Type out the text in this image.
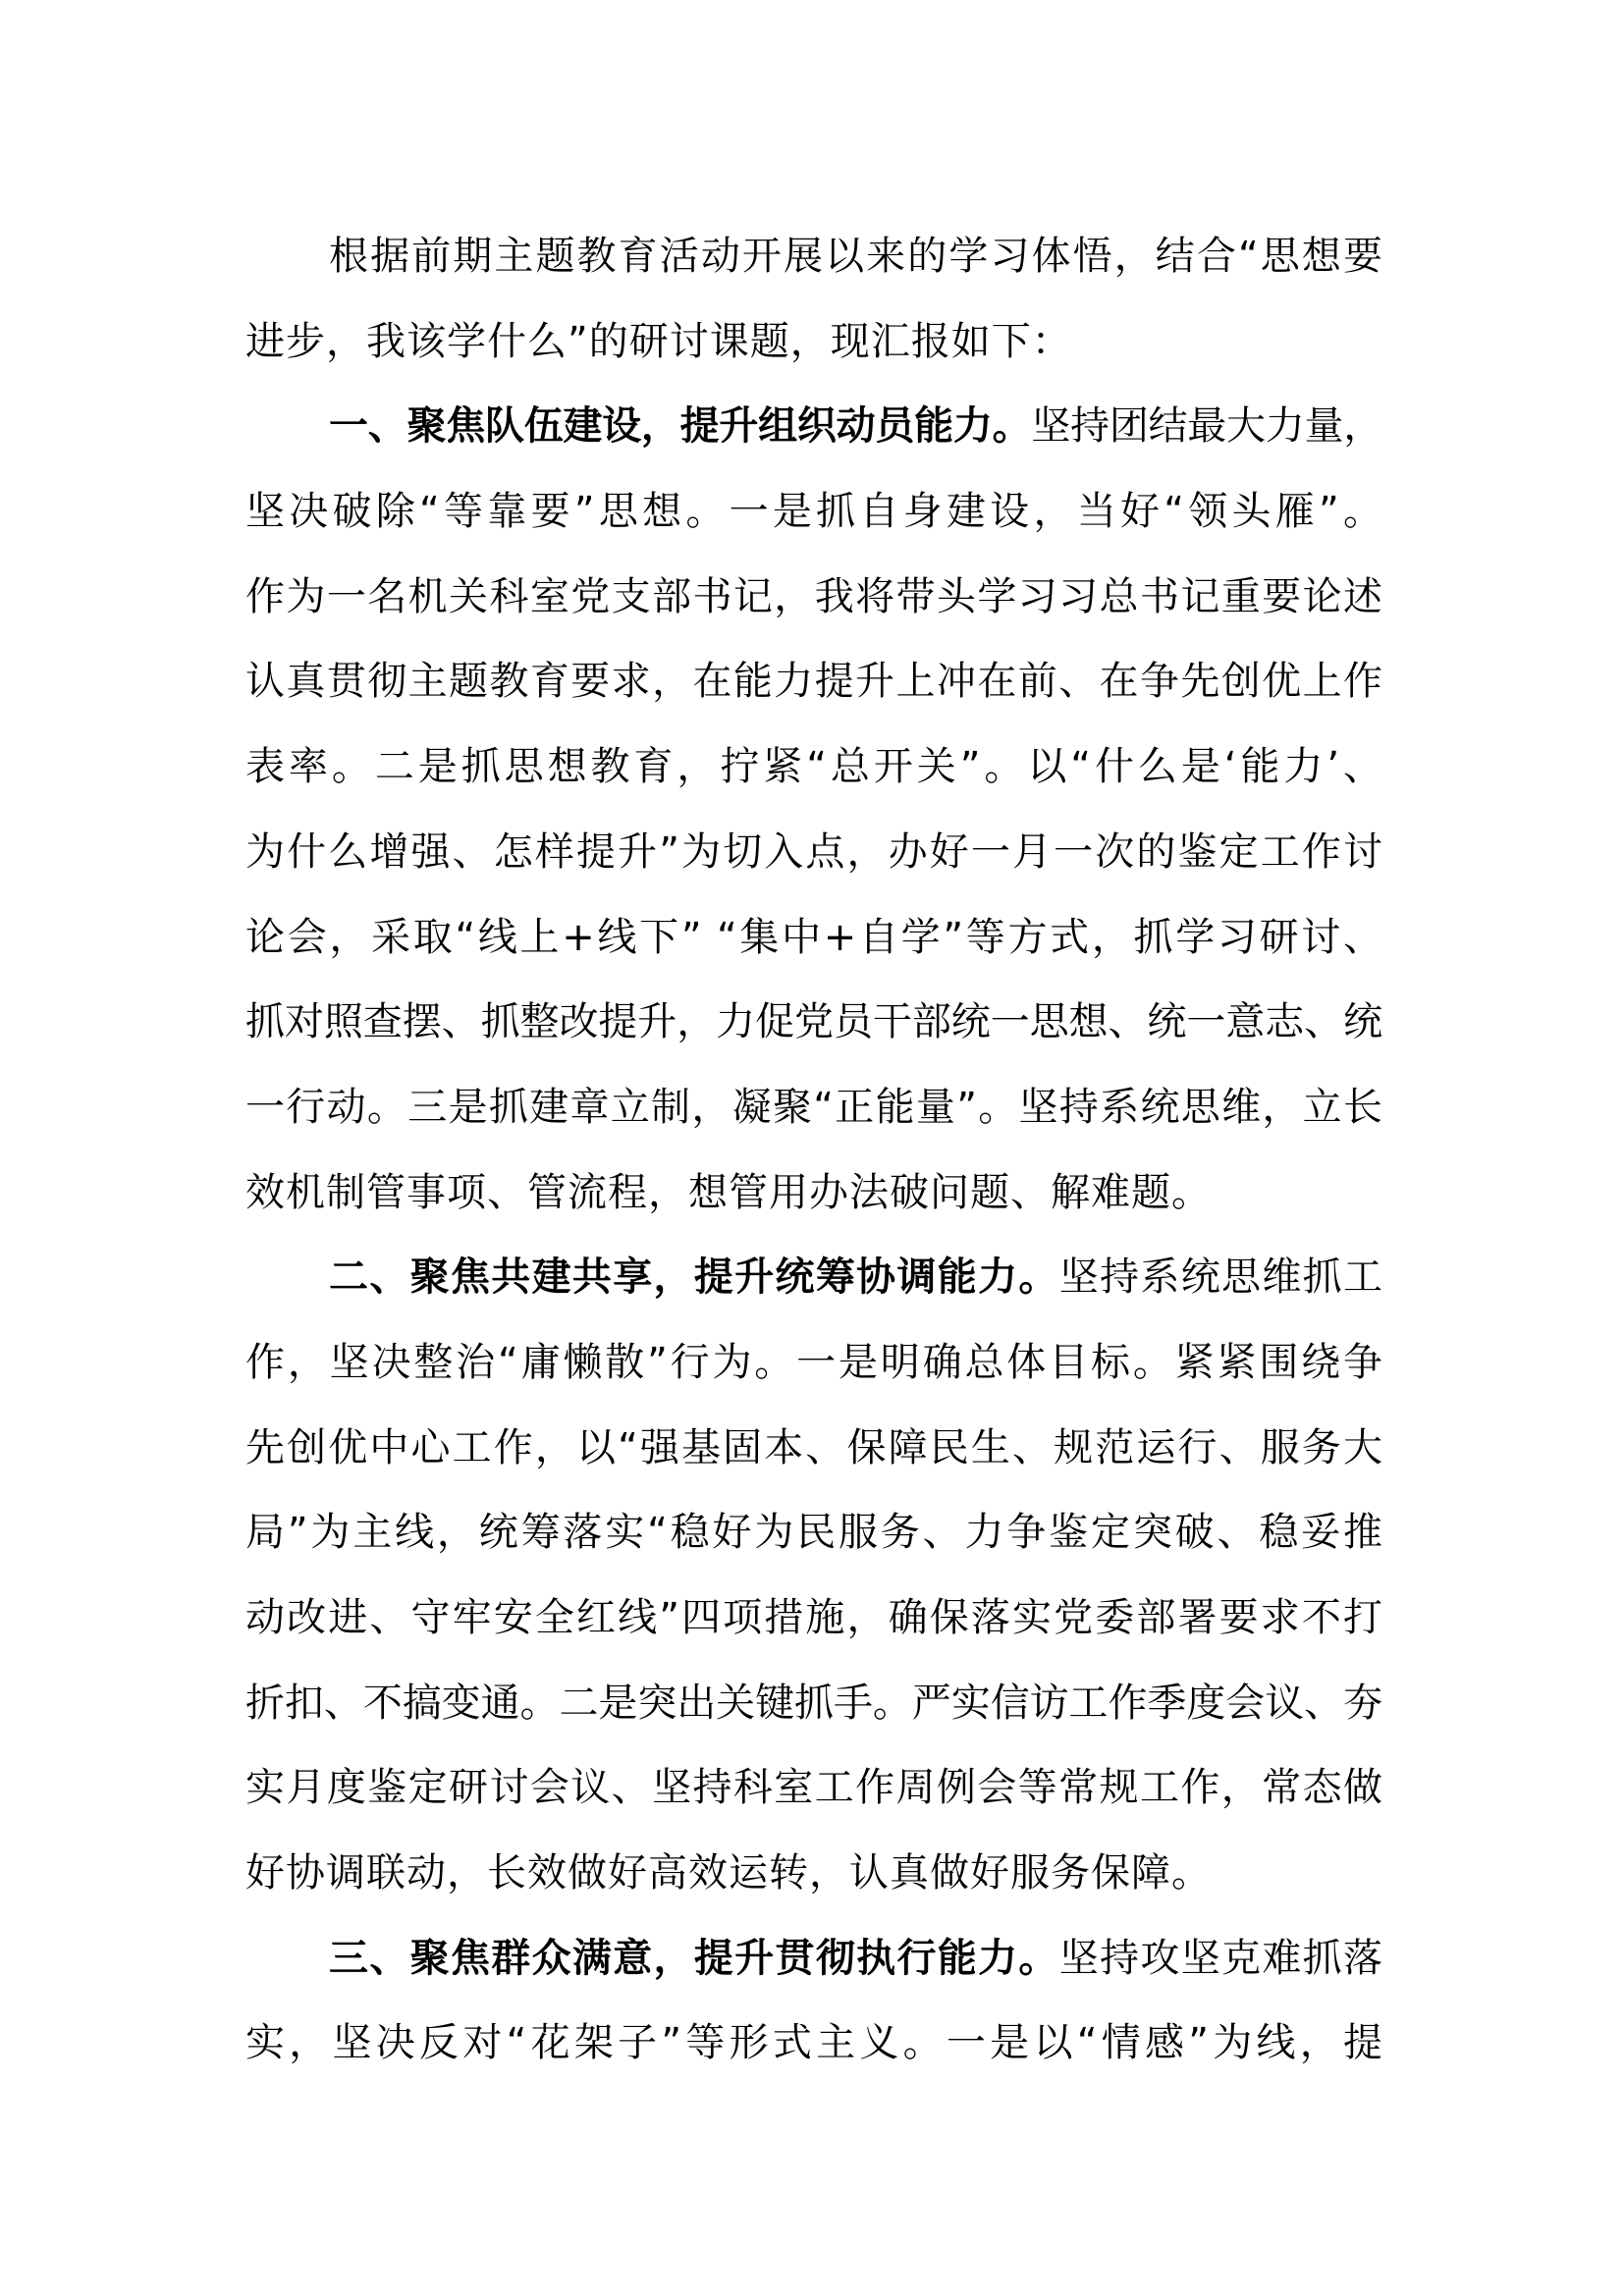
根据前期主题教育活动开展以来的学习体悟，结合“思想要
进步，我该学什么”的研讨课题，现汇报如下：
一、聚焦队伍建设，提升组织动员能力。坚持团结最大力量，
坚决破除“等靠要”思想。一是抓自身建设，当好“领头雁”。
作为一名机关科室党支部书记，我将带头学习习总书记重要论述
认真贯彻主题教育要求，在能力提升上冲在前、在争先创优上作
表率。二是抓思想教育，拧紧“总开关”。以“什么是‘能力’、
为什么增强、怎样提升”为切入点，办好一月一次的鉴定工作讨
论会，采取“线上+线下” “集中+自学”等方式，抓学习研讨、
抓对照查摆、抓整改提升，力促党员干部统一思想、统一意志、统
一行动。三是抓建章立制，凝聚“正能量”。坚持系统思维，立长
效机制管事项、管流程，想管用办法破问题、解难题。
二、聚焦共建共享，提升统筹协调能力。坚持系统思维抓工
作，坚决整治“庸懒散”行为。一是明确总体目标。紧紧围绕争
先创优中心工作，以“强基固本、保障民生、规范运行、服务大
局”为主线，统筹落实“稳好为民服务、力争鉴定突破、稳妥推
动改进、守牢安全红线”四项措施，确保落实党委部署要求不打
折扣、不搞变通。二是突出关键抓手。严实信访工作季度会议、夯
实月度鉴定研讨会议、坚持科室工作周例会等常规工作，常态做
好协调联动，长效做好高效运转，认真做好服务保障。
三、聚焦群众满意，提升贯彻执行能力。坚持攻坚克难抓落
实，坚决反对“花架子”等形式主义。一是以“情感”为线，提
